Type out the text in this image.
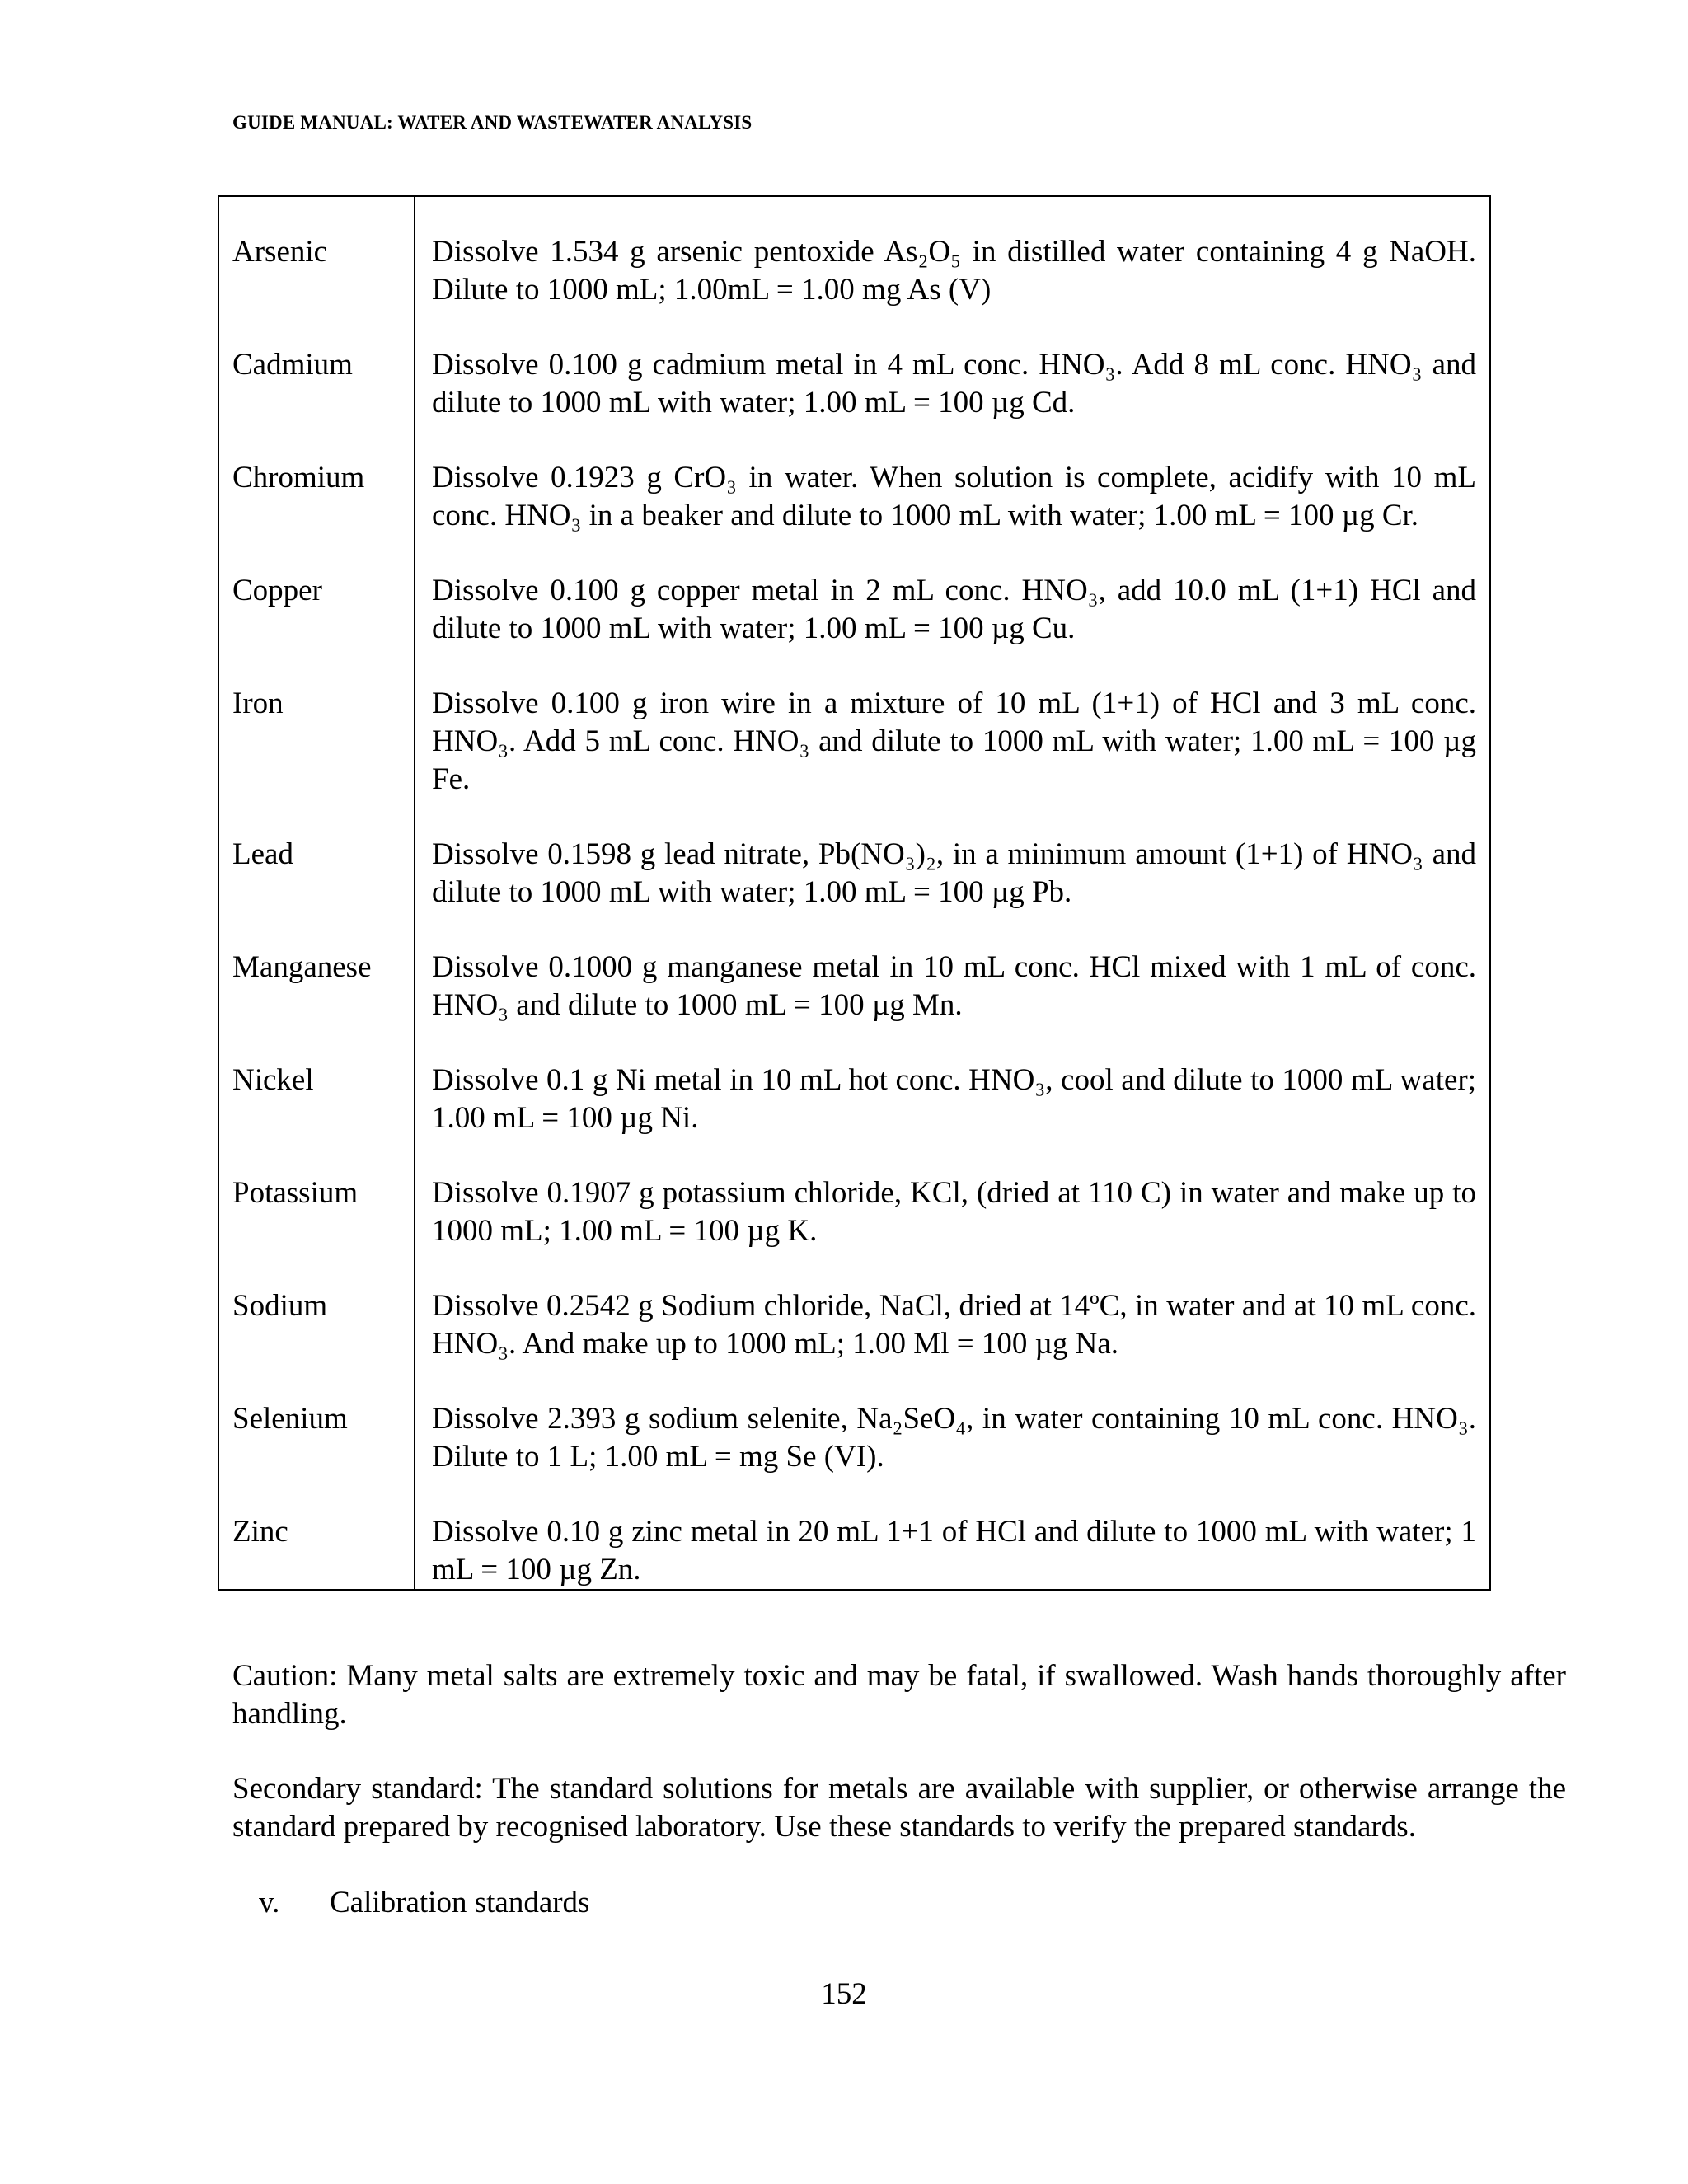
GUIDE MANUAL: WATER AND WASTEWATER ANALYSIS
Arsenic	Dissolve 1.534 g arsenic pentoxide As₂O₅ in distilled water containing 4 g NaOH. Dilute to 1000 mL; 1.00mL = 1.00 mg As (V)
Cadmium	Dissolve 0.100 g cadmium metal in 4 mL conc. HNO₃. Add 8 mL conc. HNO₃ and dilute to 1000 mL with water; 1.00 mL = 100 µg Cd.
Chromium	Dissolve 0.1923 g CrO₃ in water. When solution is complete, acidify with 10 mL conc. HNO₃ in a beaker and dilute to 1000 mL with water; 1.00 mL = 100 µg Cr.
Copper	Dissolve 0.100 g copper metal in 2 mL conc. HNO₃, add 10.0 mL (1+1) HCl and dilute to 1000 mL with water; 1.00 mL = 100 µg Cu.
Iron	Dissolve 0.100 g iron wire in a mixture of 10 mL (1+1) of HCl and 3 mL conc. HNO₃. Add 5 mL conc. HNO₃ and dilute to 1000 mL with water; 1.00 mL = 100 µg Fe.
Lead	Dissolve 0.1598 g lead nitrate, Pb(NO₃)₂, in a minimum amount (1+1) of HNO₃ and dilute to 1000 mL with water; 1.00 mL = 100 µg Pb.
Manganese	Dissolve 0.1000 g manganese metal in 10 mL conc. HCl mixed with 1 mL of conc. HNO₃ and dilute to 1000 mL = 100 µg Mn.
Nickel	Dissolve 0.1 g Ni metal in 10 mL hot conc. HNO₃, cool and dilute to 1000 mL water; 1.00 mL = 100 µg Ni.
Potassium	Dissolve 0.1907 g potassium chloride, KCl, (dried at 110 C) in water and make up to 1000 mL; 1.00 mL = 100 µg K.
Sodium	Dissolve 0.2542 g Sodium chloride, NaCl, dried at 14ºC, in water and at 10 mL conc. HNO₃. And make up to 1000 mL; 1.00 Ml = 100 µg Na.
Selenium	Dissolve 2.393 g sodium selenite, Na₂SeO₄, in water containing 10 mL conc. HNO₃. Dilute to 1 L; 1.00 mL = mg Se (VI).
Zinc	Dissolve 0.10 g zinc metal in 20 mL 1+1 of HCl and dilute to 1000 mL with water; 1 mL = 100 µg Zn.

Caution: Many metal salts are extremely toxic and may be fatal, if swallowed. Wash hands thoroughly after handling.

Secondary standard: The standard solutions for metals are available with supplier, or otherwise arrange the standard prepared by recognised laboratory. Use these standards to verify the prepared standards.

v. Calibration standards
152
